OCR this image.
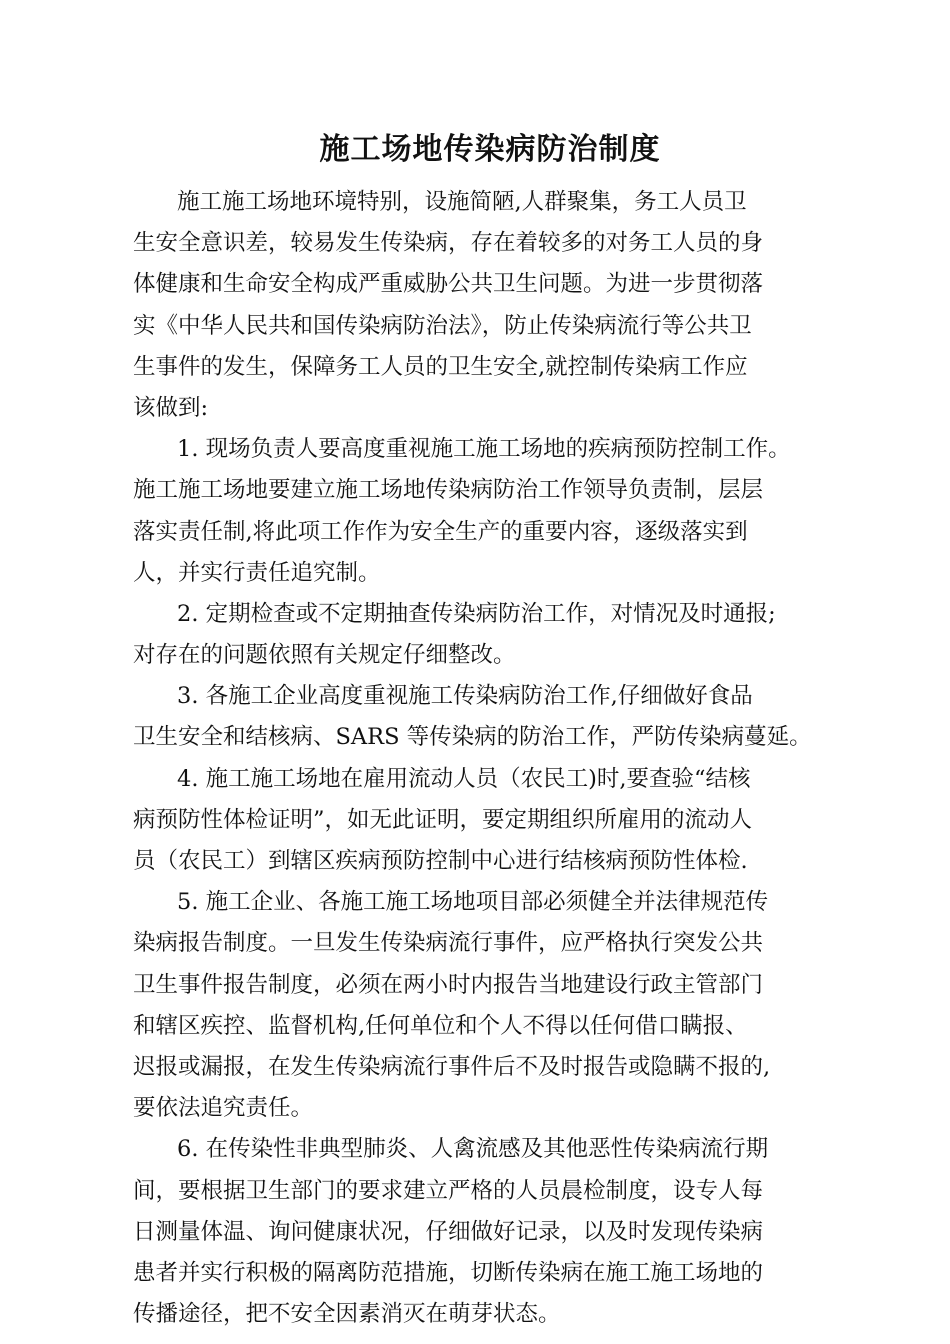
施工场地传染病防治制度
施工施工场地环境特别，设施简陋,人群聚集，务工人员卫
生安全意识差，较易发生传染病，存在着较多的对务工人员的身
体健康和生命安全构成严重威胁公共卫生问题。为进一步贯彻落
实《中华人民共和国传染病防治法》，防止传染病流行等公共卫
生事件的发生，保障务工人员的卫生安全,就控制传染病工作应
该做到:
1. 现场负责人要高度重视施工施工场地的疾病预防控制工作。
施工施工场地要建立施工场地传染病防治工作领导负责制，层层
落实责任制,将此项工作作为安全生产的重要内容，逐级落实到
人，并实行责任追究制。
2. 定期检查或不定期抽查传染病防治工作，对情况及时通报;
对存在的问题依照有关规定仔细整改。
3. 各施工企业高度重视施工传染病防治工作,仔细做好食品
卫生安全和结核病、SARS 等传染病的防治工作，严防传染病蔓延。
4. 施工施工场地在雇用流动人员（农民工)时,要查验“结核
病预防性体检证明”，如无此证明，要定期组织所雇用的流动人
员（农民工）到辖区疾病预防控制中心进行结核病预防性体检.
5. 施工企业、各施工施工场地项目部必须健全并法律规范传
染病报告制度。一旦发生传染病流行事件，应严格执行突发公共
卫生事件报告制度，必须在两小时内报告当地建设行政主管部门
和辖区疾控、监督机构,任何单位和个人不得以任何借口瞒报、
迟报或漏报，在发生传染病流行事件后不及时报告或隐瞒不报的,
要依法追究责任。
6. 在传染性非典型肺炎、人禽流感及其他恶性传染病流行期
间，要根据卫生部门的要求建立严格的人员晨检制度，设专人每
日测量体温、询问健康状况，仔细做好记录，以及时发现传染病
患者并实行积极的隔离防范措施，切断传染病在施工施工场地的
传播途径，把不安全因素消灭在萌芽状态。
